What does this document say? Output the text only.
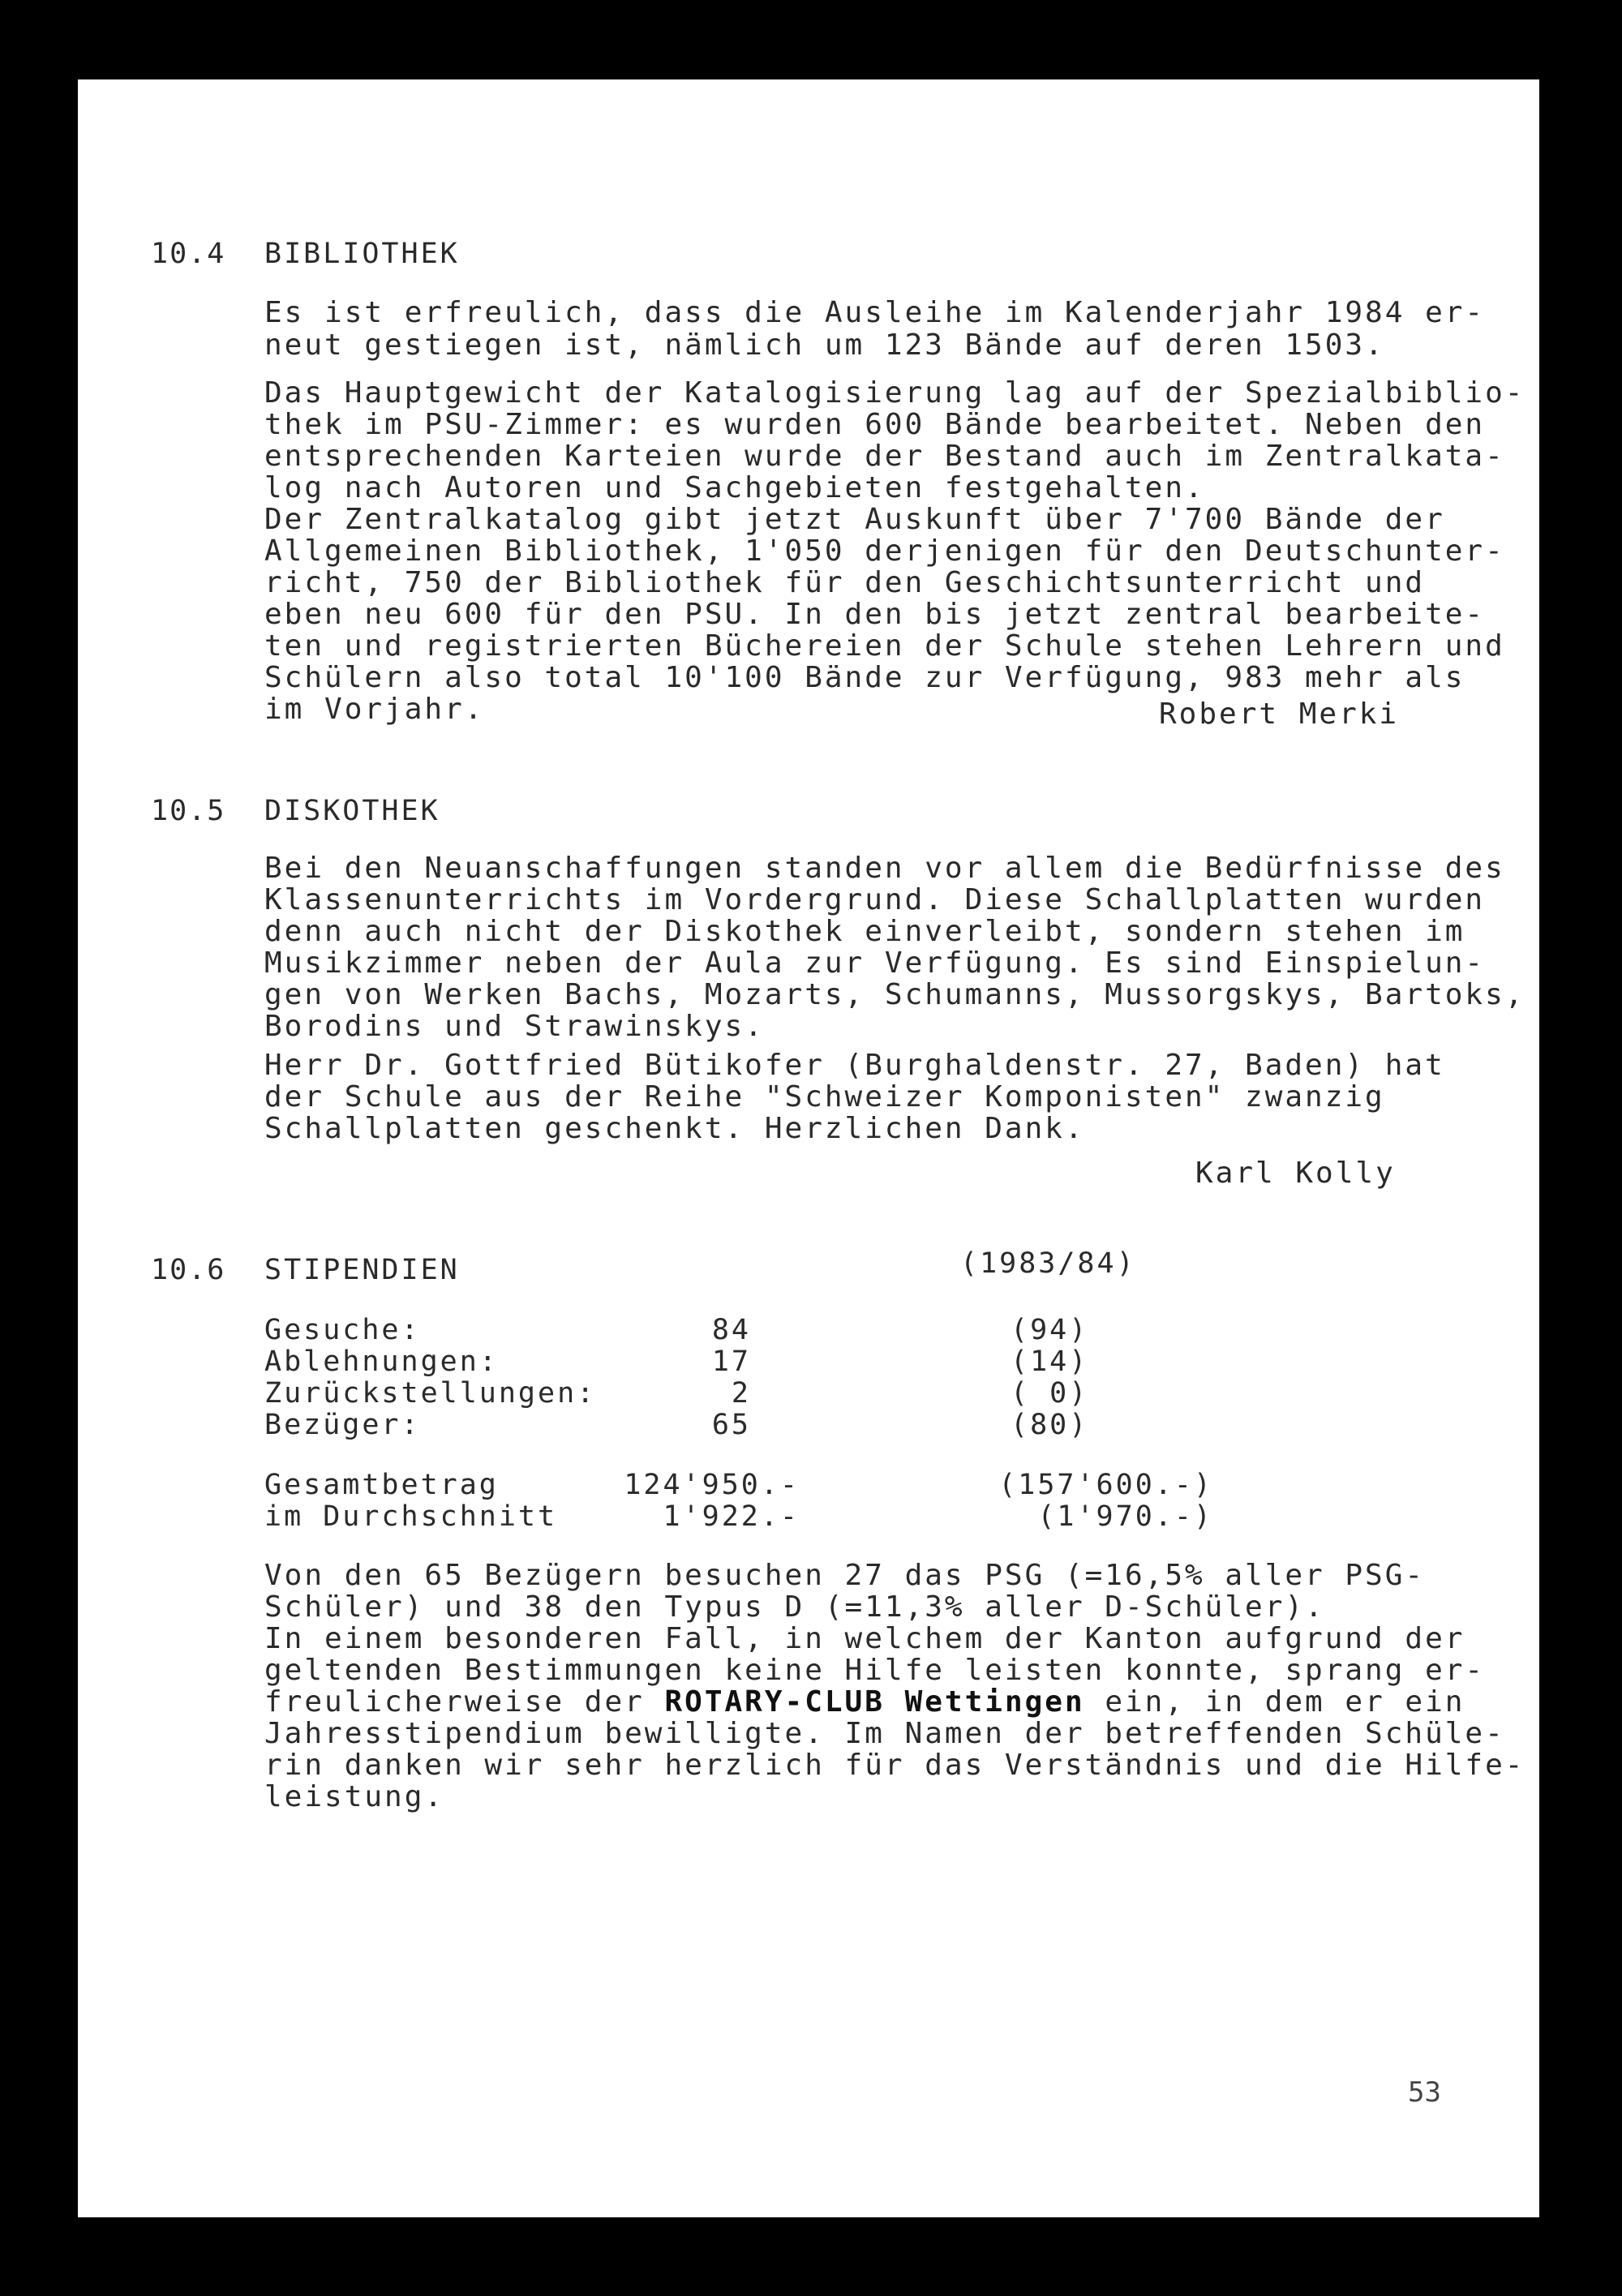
10.4 BIBLIOTHEK
Es ist erfreulich, dass die Ausleihe im Kalenderjahr 1984 er-
neut gestiegen ist, nämlich um 123 Bände auf deren 1503.
Das Hauptgewicht der Katalogisierung lag auf der Spezialbiblio-
thek im PSU-Zimmer: es wurden 600 Bände bearbeitet. Neben den
entsprechenden Karteien wurde der Bestand auch im Zentralkata-
log nach Autoren und Sachgebieten festgehalten.
Der Zentralkatalog gibt jetzt Auskunft über 7'700 Bände der
Allgemeinen Bibliothek, 1'050 derjenigen für den Deutschunter-
richt, 750 der Bibliothek für den Geschichtsunterricht und
eben neu 600 für den PSU. In den bis jetzt zentral bearbeite-
ten und registrierten Büchereien der Schule stehen Lehrern und
Schülern also total 10'100 Bände zur Verfügung, 983 mehr als
im Vorjahr.	Robert Merki
10.5 DISKOTHEK
Bei den Neuanschaffungen standen vor allem die Bedürfnisse des
Klassenunterrichts im Vordergrund. Diese Schallplatten wurden
denn auch nicht der Diskothek einverleibt, sondern stehen im
Musikzimmer neben der Aula zur Verfügung. Es sind Einspielun-
gen von Werken Bachs, Mozarts, Schumanns, Mussorgskys, Bartoks,
Borodins und Strawinskys.
Herr Dr. Gottfried Bütikofer (Burghaldenstr. 27, Baden) hat
der Schule aus der Reihe "Schweizer Komponisten" zwanzig
Schallplatten geschenkt. Herzlichen Dank.
Karl Kolly
10.6 STIPENDIEN	(1983/84)
Gesuche:	84	(94)
Ablehnungen:	17	(14)
Zurückstellungen:	2	( 0)
Bezüger:	65	(80)
Gesamtbetrag	124'950.-	(157'600.-)
im Durchschnitt	1'922.-	(1'970.-)
Von den 65 Bezügern besuchen 27 das PSG (=16,5% aller PSG-
Schüler) und 38 den Typus D (=11,3% aller D-Schüler).
In einem besonderen Fall, in welchem der Kanton aufgrund der
geltenden Bestimmungen keine Hilfe leisten konnte, sprang er-
freulicherweise der ROTARY-CLUB Wettingen ein, in dem er ein
Jahresstipendium bewilligte. Im Namen der betreffenden Schüle-
rin danken wir sehr herzlich für das Verständnis und die Hilfe-
leistung.
53
